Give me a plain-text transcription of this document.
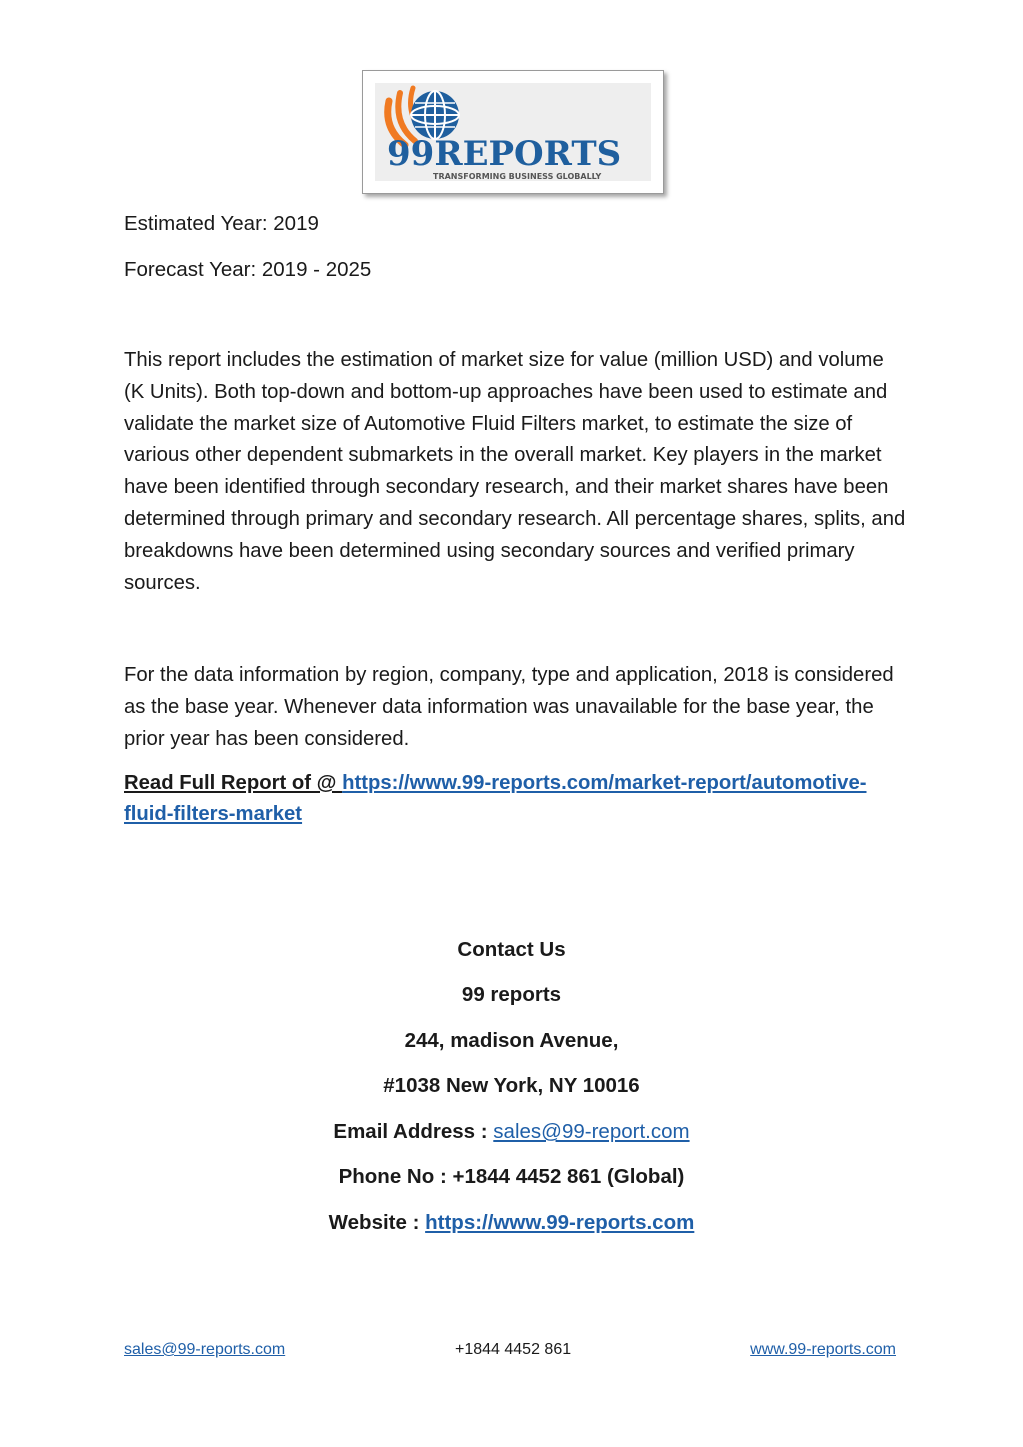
99REPORTS
TRANSFORMING BUSINESS GLOBALLY
Estimated Year: 2019
Forecast Year: 2019 - 2025
This report includes the estimation of market size for value (million USD) and volume (K Units). Both top-down and bottom-up approaches have been used to estimate and validate the market size of Automotive Fluid Filters market, to estimate the size of various other dependent submarkets in the overall market. Key players in the market have been identified through secondary research, and their market shares have been determined through primary and secondary research. All percentage shares, splits, and breakdowns have been determined using secondary sources and verified primary sources.
For the data information by region, company, type and application, 2018 is considered as the base year. Whenever data information was unavailable for the base year, the prior year has been considered.
Read Full Report of @ https://www.99-reports.com/market-report/automotive-fluid-filters-market
Contact Us
99 reports
244, madison Avenue,
#1038 New York, NY 10016
Email Address : sales@99-report.com
Phone No : +1844 4452 861 (Global)
Website : https://www.99-reports.com
sales@99-reports.com	+1844 4452 861	www.99-reports.com
